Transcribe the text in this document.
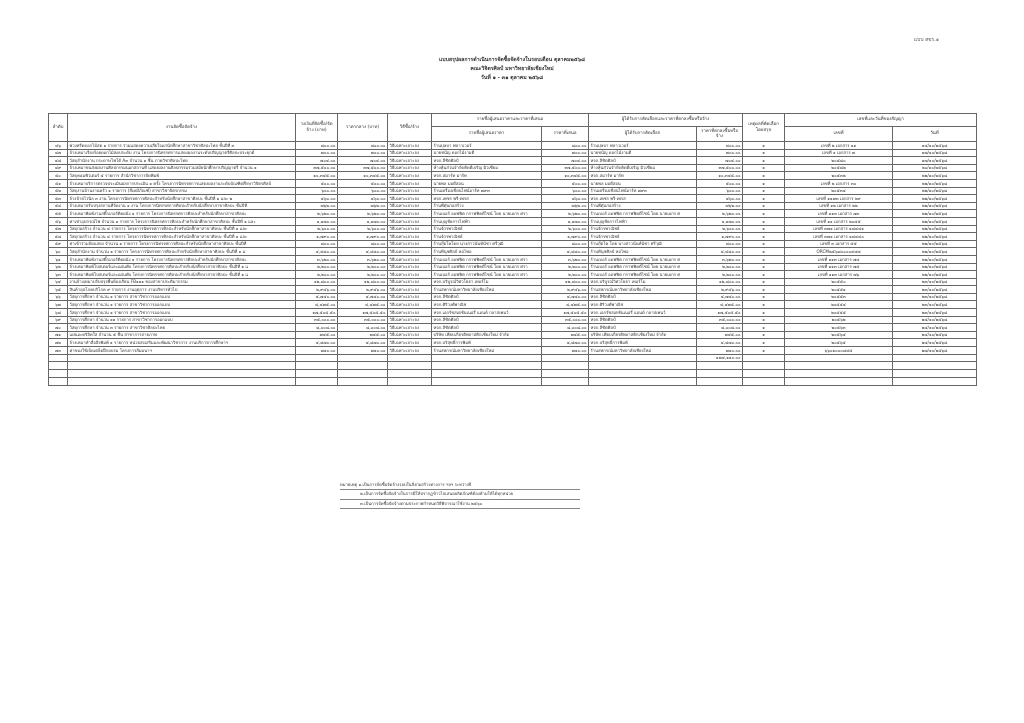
แบบ สขร.๑
แบบสรุปผลการดำเนินการจัดซื้อจัดจ้างในรอบเดือน ตุลาคม๒๕๖๘
คณะวิจิตรศิลป์ มหาวิทยาลัยเชียงใหม่
วันที่ ๑ - ๓๑ ตุลาคม ๒๕๖๘
ลำดับ	งานจัดซื้อจัดจ้าง	วงเงินที่จัดซื้อ/จัดจ้าง (บาท)	ราคากลาง (บาท)	วิธีซื้อ/จ้าง	รายชื่อผู้เสนอราคาและราคาที่เสนอ		ผู้ได้รับการคัดเลือกและราคาที่ตกลงซื้อหรือจ้าง		เหตุผลที่คัดเลือก โดยสรุป	เลขที่และวันที่ของสัญญา	
					รายชื่อผู้เสนอราคา	ราคาที่เสนอ	ผู้ได้รับการคัดเลือก	ราคาที่ตกลงซื้อหรือจ้าง		เลขที่	วันที่
๔๖	พวงหรีดดอกไม้สด ๑ รายการ ร่วมแสดงความเสียใจแก่นักศึกษาสาขาวิชาศิลปะไทย ชั้นปีที่ ๓	๘๐๐.๐๐	๘๐๐.๐๐	วิธีเฉพาะเจาะจง	ร้านบุษบา ฟลาวเวอร์	๘๐๐.๐๐	ร้านบุษบา ฟลาวเวอร์	๘๐๐.๐๐	๑	เลขที่ ๒ เอกสาร ๑๑	๑๔/๑๐/๒๕๖๘
๔๗	จ้างเหมาเรียงร้อยดอกไม้สดประดับ งาน โครงการนิทรรศการแสดงผลงานระดับปริญญาตรีศิลปะประยุกต์	๗๐๐.๐๐	๗๐๐.๐๐	วิธีเฉพาะเจาะจง	นายชนัญ ดอกไม้งามดี	๗๐๐.๐๐	นายชนัญ ดอกไม้งามดี	๗๐๐.๐๐	๑	เลขที่ ๑ เอกสาร ๗	๑๗/๑๐/๒๕๖๘
๔๘	วัสดุสำนักงาน กระดาษโฟโต้ A๓ จำนวน ๑ ชิ้น ภาควิชาศิลปะไทย	๗๐๔.๐๐	๗๐๔.๐๐	วิธีเฉพาะเจาะจง	หจก.ลีชิตศิลป์	๗๐๔.๐๐	หจก.ลีชิตศิลป์	๗๐๔.๐๐	๑	๒๐๕๘๐	๑๗/๑๐/๒๕๖๘
๔๙	จ้างเหมาขนส่งผลงานศิลปกรรมนอกสถานที่ แสดงผลงานศิลปกรรมร่วมสมัยนักศึกษาปริญญาตรี จำนวน ๑	๓๗,๕๐๐.๐๐	๓๗,๕๐๐.๐๐	วิธีเฉพาะเจาะจง	ห้างหุ้นส่วนจำกัดคิดดีเจริญ มิวเซียม	๓๗,๕๐๐.๐๐	ห้างหุ้นส่วนจำกัดคิดดีเจริญ มิวเซียม	๓๗,๕๐๐.๐๐	๑	๒๐๕๘๒	๒๐/๑๐/๒๕๖๘
๕๐	วัสดุคอมพิวเตอร์ ๕ รายการ สำนักวิชาการจัดพิมพ์	๑๐,๓๔๕.๐๐	๑๐,๓๔๕.๐๐	วิธีเฉพาะเจาะจง	หจก.สมาร์ท มาร์ท	๑๐,๓๔๕.๐๐	หจก.สมาร์ท มาร์ท	๑๐,๓๔๕.๐๐	๑	๒๐๕๓๒	๒๒/๑๐/๒๕๖๘
๕๑	จ้างเหมาบริการตรวจประเมินผลการประเมิน ๑ ครั้ง โครงการนิทรรศการแสดงผลงานระดับบัณฑิตศึกษาวิจิตรศิลป์	๕๐๐.๐๐	๕๐๐.๐๐	วิธีเฉพาะเจาะจง	นายพล มอดีสอน	๕๐๐.๐๐	นายพล มอดีสอน	๕๐๐.๐๐	๑	เลขที่ ๒ เอกสาร ๓๐	๒๒/๑๐/๒๕๖๘
๕๒	วัสดุงานบ้านงานครัว ๑ รายการ (สีเคมีภัณฑ์) สาขาวิชาจิตรกรรม	๖๐๐.๐๐	๖๐๐.๐๐	วิธีเฉพาะเจาะจง	ร้านเครื่องเขียนไฟน์อาร์ท ๗๙๓	๖๐๐.๐๐	ร้านเครื่องเขียนไฟน์อาร์ท ๗๙๓	๖๐๐.๐๐	๑	๒๐๕๓๔	๒๒/๑๐/๒๕๖๘
๕๓	จ้างป้ายไวนิล ๓ งาน โครงการนิทรรศการศิลปะสำหรับนักศึกษาสาขาศิลปะ ชั้นปีที่ ๑ และ ๒	๔๖๐.๐๐	๔๖๐.๐๐	วิธีเฉพาะเจาะจง	หจก.เพชร พรี-เพรส	๔๖๐.๐๐	หจก.เพชร พรี-เพรส	๔๖๐.๐๐	๑	เลขที่ ๑๑๗๓ เอกสาร ๒๙	๒๒/๑๐/๒๕๖๘
๕๔	จ้างเหมาปรับปรุงสถานที่จัดงาน ๑ งาน โครงการนิทรรศการศิลปะสำหรับนักศึกษาสาขาศิลปะ ชั้นปีที่	๗๖๒.๐๐	๗๖๒.๐๐	วิธีเฉพาะเจาะจง	ร้านพี่ตุ๋นก่อสร้าง	๗๖๒.๐๐	ร้านพี่ตุ๋นก่อสร้าง	๗๖๒.๐๐	๑	เลขที่ ๑๒ เอกสาร ๒๒	๒๒/๑๐/๒๕๖๘
๕๕	จ้างเหมาพิมพ์งานสติ๊กเกอร์ติดผนัง ๑ รายการ โครงการนิทรรศการศิลปะสำหรับนักศึกษาสาขาศิลปะ	๒,๖๒๐.๐๐	๒,๖๒๐.๐๐	วิธีเฉพาะเจาะจง	ร้านเบอร์ ออฟฟิต กราฟฟิคดีไซน์ โดย นายเอกร ศรา	๒,๖๒๐.๐๐	ร้านเบอร์ ออฟฟิต กราฟฟิคดีไซน์ โดย นายเอกร ศ	๒,๖๒๐.๐๐	๑	เลขที่ ๑๑๓ เอกสาร ๗๓	๒๒/๑๐/๒๕๖๘
๕๖	ค่าเช่าอุปกรณ์ไฟ จำนวน ๑ รายการ โครงการนิทรรศการศิลปะสำหรับนักศึกษาสาขาศิลปะ ชั้นปีที่ ๑ และ	๑,๑๗๐.๐๐	๑,๑๗๐.๐๐	วิธีเฉพาะเจาะจง	ร้านบุญชัยการไฟฟ้า	๑,๑๗๐.๐๐	ร้านบุญชัยการไฟฟ้า	๑,๑๗๐.๐๐	๑	เลขที่ ๑๑ เอกสาร ๒๐๔๕	๒๒/๑๐/๒๕๖๘
๕๗	วัสดุก่อสร้าง จำนวน ๔ รายการ โครงการนิทรรศการศิลปะสำหรับนักศึกษาสาขาศิลปะ ชั้นปีที่ ๑ และ	๒,๖๐๐.๐๐	๒,๖๐๐.๐๐	วิธีเฉพาะเจาะจง	ร้านจักรพาณิชย์	๒,๖๐๐.๐๐	ร้านจักรพาณิชย์	๒,๖๐๐.๐๐	๑	เลขที่ ๓๗๑ เอกสาร ๑๘๔๔๑	๒๒/๑๐/๒๕๖๘
๕๘	วัสดุก่อสร้าง จำนวน ๔ รายการ โครงการนิทรรศการศิลปะสำหรับนักศึกษาสาขาศิลปะ ชั้นปีที่ ๑ และ	๑,๗๙๐.๐๐	๑,๗๙๐.๐๐	วิธีเฉพาะเจาะจง	ร้านจักรพาณิชย์	๑,๗๙๐.๐๐	ร้านจักรพาณิชย์	๑,๗๙๐.๐๐	๑	เลขที่ ๓๗๑ เอกสาร ๑๘๔๔๐	๒๒/๑๐/๒๕๖๘
๕๙	ค่าเข้าร่วมจัดแสดง จำนวน ๑ รายการ โครงการนิทรรศการศิลปะสำหรับนักศึกษาสาขาศิลปะ ชั้นปีที่	๘๐๐.๐๐	๘๐๐.๐๐	วิธีเฉพาะเจาะจง	ร้านกุ๊ตโคโดย นางสาวนันท์นัชา ศรีวุฒิ	๘๐๐.๐๐	ร้านกุ๊ตโค โดย นางสาวนันท์นัชา ศรีวุฒิ	๘๐๐.๐๐	๑	เลขที่ ๓ เอกสาร ๕๕	๒๒/๑๐/๒๕๖๘
๖๐	วัสดุสำนักงาน จำนวน ๑ รายการ โครงการนิทรรศการศิลปะสำหรับนักศึกษาสาขาศิลปะ ชั้นปีที่ ๑ แ	๔,๔๘๐.๐๐	๔,๔๘๐.๐๐	วิธีเฉพาะเจาะจง	ร้านทีนุชศิลป์ หอไฟอ	๔,๔๘๐.๐๐	ร้านทีนุชศิลป์ หอไฟอ	๔,๔๘๐.๐๐	๑	ORCM๒๕๖๘๐๐๐๐๔๔๗	๒๒/๑๐/๒๕๖๘
๖๑	จ้างเหมาพิมพ์งานสติ๊กเกอร์ติดผนัง ๑ รายการ โครงการนิทรรศการศิลปะสำหรับนักศึกษาสาขาศิลปะ	๓,๖๒๐.๐๐	๓,๖๒๐.๐๐	วิธีเฉพาะเจาะจง	ร้านเบอร์ ออฟฟิต กราฟฟิคดีไซน์ โดย นายเอกร ศรา	๓,๖๒๐.๐๐	ร้านเบอร์ ออฟฟิต กราฟฟิคดีไซน์ โดย นายเอกร ศ	๓,๖๒๐.๐๐	๑	เลขที่ ๑๑๓ เอกสาร ๗๔	๒๒/๑๐/๒๕๖๘
๖๒	จ้างเหมาพิมพ์โปสเตอร์และแผ่นพับ โครงการนิทรรศการศิลปะสำหรับนักศึกษาสาขาศิลปะ ชั้นปีที่ ๑ แ	๒,๒๐๐.๐๐	๒,๒๐๐.๐๐	วิธีเฉพาะเจาะจง	ร้านเบอร์ ออฟฟิต กราฟฟิคดีไซน์ โดย นายเอกร ศรา	๒,๒๐๐.๐๐	ร้านเบอร์ ออฟฟิต กราฟฟิคดีไซน์ โดย นายเอกร ศ	๒,๒๐๐.๐๐	๑	เลขที่ ๑๑๓ เอกสาร ๗๕	๒๒/๑๐/๒๕๖๘
๖๓	จ้างเหมาพิมพ์โปสเตอร์และแผ่นพับ โครงการนิทรรศการศิลปะสำหรับนักศึกษาสาขาศิลปะ ชั้นปีที่ ๑ แ	๒,๒๐๐.๐๐	๒,๒๐๐.๐๐	วิธีเฉพาะเจาะจง	ร้านเบอร์ ออฟฟิต กราฟฟิคดีไซน์ โดย นายเอกร ศรา	๒,๒๐๐.๐๐	ร้านเบอร์ ออฟฟิต กราฟฟิคดีไซน์ โดย นายเอกร ศ	๒,๒๐๐.๐๐	๑	เลขที่ ๑๑๓ เอกสาร ๗๖	๒๒/๑๐/๒๕๖๘
๖๔	งานจ้างเหมาปรับปรุงพื้นห้องเรียน FB๑๑๑ ของสาขาประติมากรรม	๑๒,๘๐๐.๐๐	๑๒,๘๐๐.๐๐	วิธีเฉพาะเจาะจง	หจก.บริบูรณ์วิศวโยธา เทอร์โม	๑๒,๘๐๐.๐๐	หจก.บริบูรณ์วิศวโยธา เทอร์โม	๑๒,๘๐๐.๐๐	๑	๒๐๕๕๐	๒๓/๑๐/๒๕๖๘
๖๕	สินค้าอุปโภคบริโภค ๙ รายการ งานอุตุการ งานบริหารทั่วไป	๒,๙๔๖.๐๐	๒,๙๔๖.๐๐	วิธีเฉพาะเจาะจง	ร้านสหกรณ์มหาวิทยาลัยเชียงใหม่	๒,๙๔๖.๐๐	ร้านสหกรณ์มหาวิทยาลัยเชียงใหม่	๒,๙๔๖.๐๐	๑	๒๐๕๕๑	๒๓/๑๐/๒๕๖๘
๖๖	วัสดุการศึกษา จำนวน ๑ รายการ สาขาวิชาการออกแบบ	๔,๗๔๐.๐๐	๔,๗๔๐.๐๐	วิธีเฉพาะเจาะจง	หจก.ลีชิตศิลป์	๔,๗๔๐.๐๐	หจก.ลีชิตศิลป์	๔,๗๔๐.๐๐	๑	๒๐๕๕๓	๒๓/๑๐/๒๕๖๘
๖๗	วัสดุการศึกษา จำนวน ๑ รายการ สาขาวิชาการออกแบบ	๔,๔๗๕.๐๐	๔,๔๗๕.๐๐	วิธีเฉพาะเจาะจง	หจก.ศิริวงศ์พาณิช	๔,๔๗๕.๐๐	หจก.ศิริวงศ์พาณิช	๔,๔๗๕.๐๐	๑	๒๐๕๕๔	๒๓/๑๐/๒๕๖๘
๖๘	วัสดุการศึกษา จำนวน ๑ รายการ สาขาวิชาการออกแบบ	๑๗,๕๐๕.๕๐	๑๗,๕๐๕.๕๐	วิธีเฉพาะเจาะจง	หจก.เอกรัชสเตชันเนอรี่ แอนด์ กลาสเพนว์	๑๗,๕๐๕.๕๐	หจก.เอกรัชสเตชันเนอรี่ แอนด์ กลาสเพนว์	๑๗,๕๐๕.๕๐	๑	๒๐๕๕๕	๒๓/๑๐/๒๕๖๘
๖๙	วัสดุการศึกษา จำนวน ๑๑ รายการ สาขาวิชาการออกแบบ	๓๕,๐๐๐.๐๐	๓๕,๐๐๐.๐๐	วิธีเฉพาะเจาะจง	หจก.ลีชิตศิลป์	๓๕,๐๐๐.๐๐	หจก.ลีชิตศิลป์	๓๕,๐๐๐.๐๐	๑	๒๐๕๖๒	๒๔/๑๐/๒๕๖๘
๗๐	วัสดุการศึกษา จำนวน ๓ รายการ สาขาวิชาศิลปะไทย	๘,๐๐๘.๐๐	๘,๐๐๘.๐๐	วิธีเฉพาะเจาะจง	หจก.ลีชิตศิลป์	๘,๐๐๘.๐๐	หจก.ลีชิตศิลป์	๘,๐๐๘.๐๐	๑	๒๐๕๖๓	๒๔/๑๐/๒๕๖๘
๗๑	แผ่นอะคริลิคใส จำนวน ๕ ชิ้น สาขาการถ่ายภาพ	๗๔๕.๐๐	๗๔๕.๐๐	วิธีเฉพาะเจาะจง	บริษัท เพียบเกียรติพลาสติกเชียงใหม่ จำกัด	๗๔๕.๐๐	บริษัท เพียบเกียรติพลาสติกเชียงใหม่ จำกัด	๗๔๕.๐๐	๑	๒๐๕๖๔	๒๔/๑๐/๒๕๖๘
๗๒	จ้างเหมาทำสื่อสิ่งพิมพ์ ๑ รายการ หน่วยส่งเสริมและพัฒนาวิชาการ งานบริการการศึกษาฯ	๔,๘๗๐.๐๐	๔,๘๗๐.๐๐	วิธีเฉพาะเจาะจง	หจก.บริสุทธิ์การพิมพ์	๔,๘๗๐.๐๐	หจก.บริสุทธิ์การพิมพ์	๔,๘๗๐.๐๐	๑	๒๐๕๖๕	๒๔/๑๐/๒๕๖๘
๗๓	ค่าของใช้เบ็ดเตล็ดฝึกอบรม โครงการสัมมนาฯ	๗๑๐.๐๐	๗๑๐.๐๐	วิธีเฉพาะเจาะจง	ร้านสหกรณ์มหาวิทยาลัยเชียงใหม่	๗๑๐.๐๐	ร้านสหกรณ์มหาวิทยาลัยเชียงใหม่	๗๑๐.๐๐	๑	๖๖๐๑๐๐๐๘๔๕	๒๗/๑๐/๒๕๖๘
								๑๗๔,๑๑๐.๐๐			

หมายเหตุ ๑.เป็นการจัดซื้อจัดจ้างรอบในสิ่งก่อสร้างทางการ ฯลฯ ระหว่างปี
๒.เป็นการจัดซื้อจัดจ้างในการมีให้ปรากฏข้าวไปเสนอผลิตภัณฑ์ต้องห้ามให้ได้ทุกหน่วย
๓.เป็นการจัดซื้อจัดจ้างตามประกาศกำหนดวิธีพิจารณาใช้งาน ๒๕๖๐
